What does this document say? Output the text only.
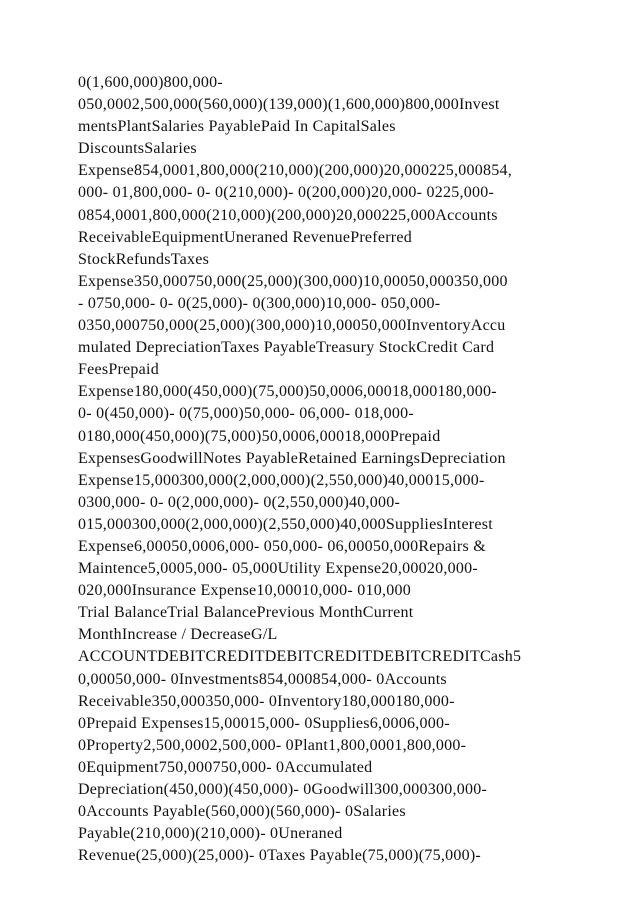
0(1,600,000)800,000-
050,0002,500,000(560,000)(139,000)(1,600,000)800,000Invest
mentsPlantSalaries PayablePaid In CapitalSales
DiscountsSalaries
Expense854,0001,800,000(210,000)(200,000)20,000225,000854,
000- 01,800,000- 0- 0(210,000)- 0(200,000)20,000- 0225,000-
0854,0001,800,000(210,000)(200,000)20,000225,000Accounts
ReceivableEquipmentUneraned RevenuePreferred
StockRefundsTaxes
Expense350,000750,000(25,000)(300,000)10,00050,000350,000
- 0750,000- 0- 0(25,000)- 0(300,000)10,000- 050,000-
0350,000750,000(25,000)(300,000)10,00050,000InventoryAccu
mulated DepreciationTaxes PayableTreasury StockCredit Card
FeesPrepaid
Expense180,000(450,000)(75,000)50,0006,00018,000180,000-
0- 0(450,000)- 0(75,000)50,000- 06,000- 018,000-
0180,000(450,000)(75,000)50,0006,00018,000Prepaid
ExpensesGoodwillNotes PayableRetained EarningsDepreciation
Expense15,000300,000(2,000,000)(2,550,000)40,00015,000-
0300,000- 0- 0(2,000,000)- 0(2,550,000)40,000-
015,000300,000(2,000,000)(2,550,000)40,000SuppliesInterest
Expense6,00050,0006,000- 050,000- 06,00050,000Repairs &
Maintence5,0005,000- 05,000Utility Expense20,00020,000-
020,000Insurance Expense10,00010,000- 010,000
Trial BalanceTrial BalancePrevious MonthCurrent
MonthIncrease / DecreaseG/L
ACCOUNTDEBITCREDITDEBITCREDITDEBITCREDITCash5
0,00050,000- 0Investments854,000854,000- 0Accounts
Receivable350,000350,000- 0Inventory180,000180,000-
0Prepaid Expenses15,00015,000- 0Supplies6,0006,000-
0Property2,500,0002,500,000- 0Plant1,800,0001,800,000-
0Equipment750,000750,000- 0Accumulated
Depreciation(450,000)(450,000)- 0Goodwill300,000300,000-
0Accounts Payable(560,000)(560,000)- 0Salaries
Payable(210,000)(210,000)- 0Uneraned
Revenue(25,000)(25,000)- 0Taxes Payable(75,000)(75,000)-
